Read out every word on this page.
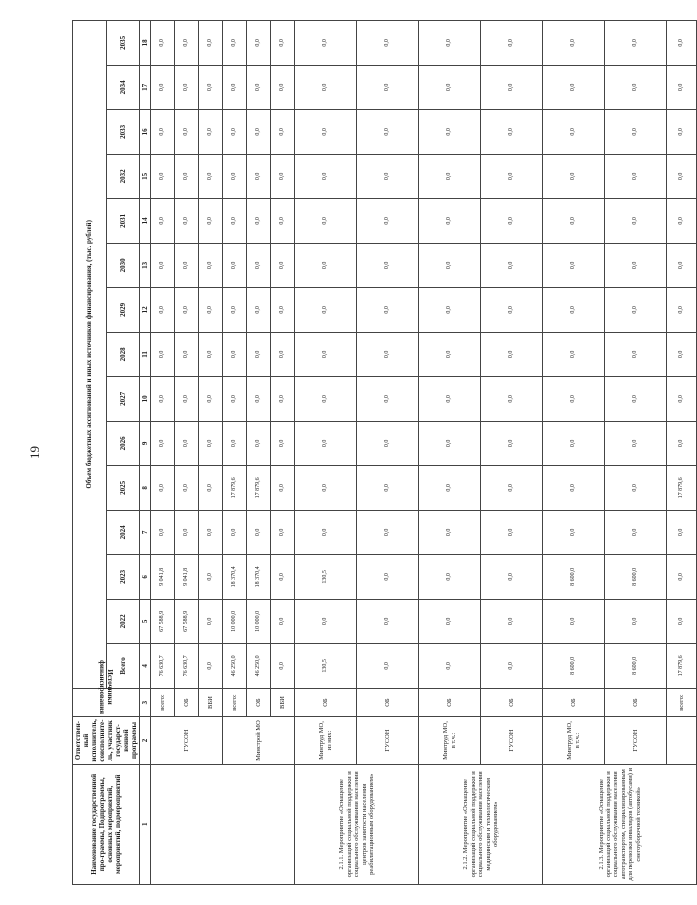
19
Наименование государственной про-граммы, Подпрограммы, основных мероприятий, мероприятий, подмероприятий	Ответствен-ный исполнитель, соисполните-ль, участник государст-венной программы	Источники финансирования	Объем бюджетных ассигнований и иных источников финансирования, (тыс. рублей)														
			Всего	2022	2023	2024	2025	2026	2027	2028	2029	2030	2031	2032	2033	2034	2035
1	2	3	4	5	6	7	8	9	10	11	12	13	14	15	16	17	18
	ГУСОН	всего:	76 630,7	67 588,9	9 041,8	0,0	0,0	0,0	0,0	0,0	0,0	0,0	0,0	0,0	0,0	0,0	0,0
		ОБ	76 630,7	67 588,9	9 041,8	0,0	0,0	0,0	0,0	0,0	0,0	0,0	0,0	0,0	0,0	0,0	0,0
		ВБИ	0,0	0,0	0,0	0,0	0,0	0,0	0,0	0,0	0,0	0,0	0,0	0,0	0,0	0,0	0,0
	Минстрой МО	всего:	46 250,0	10 000,0	18 370,4	0,0	17 879,6	0,0	0,0	0,0	0,0	0,0	0,0	0,0	0,0	0,0	0,0
		ОБ	46 250,0	10 000,0	18 370,4	0,0	17 879,6	0,0	0,0	0,0	0,0	0,0	0,0	0,0	0,0	0,0	0,0
		ВБИ	0,0	0,0	0,0	0,0	0,0	0,0	0,0	0,0	0,0	0,0	0,0	0,0	0,0	0,0	0,0
2.1.1. Мероприятие «Оснащение организаций социальной поддержки и социального обслуживания населения центров занятости населения реабилитационным оборудованием»	Минтруд МО, из них:	ОБ	130,5	0,0	130,5	0,0	0,0	0,0	0,0	0,0	0,0	0,0	0,0	0,0	0,0	0,0	0,0
	ГУСОН	ОБ	0,0	0,0	0,0	0,0	0,0	0,0	0,0	0,0	0,0	0,0	0,0	0,0	0,0	0,0	0,0
2.1.2. Мероприятие «Оснащение организаций социальной поддержки и социального обслуживания населения медицинским и технологическим оборудованием»	Минтруд МО, в т.ч.:	ОБ	0,0	0,0	0,0	0,0	0,0	0,0	0,0	0,0	0,0	0,0	0,0	0,0	0,0	0,0	0,0
	ГУСОН	ОБ	0,0	0,0	0,0	0,0	0,0	0,0	0,0	0,0	0,0	0,0	0,0	0,0	0,0	0,0	0,0
2.1.3. Мероприятие «Оснащение организаций социальной поддержки и социального обслуживания населения автотранспортом, специализированным для перевозки инвалидов (автобусами) и снегоуборочной техникой»	Минтруд МО, в т.ч.:	ОБ	8 600,0	0,0	8 600,0	0,0	0,0	0,0	0,0	0,0	0,0	0,0	0,0	0,0	0,0	0,0	0,0
	ГУСОН	ОБ	8 600,0	0,0	8 600,0	0,0	0,0	0,0	0,0	0,0	0,0	0,0	0,0	0,0	0,0	0,0	0,0
		всего:	17 879,6	0,0	0,0	0,0	17 879,6	0,0	0,0	0,0	0,0	0,0	0,0	0,0	0,0	0,0	0,0
